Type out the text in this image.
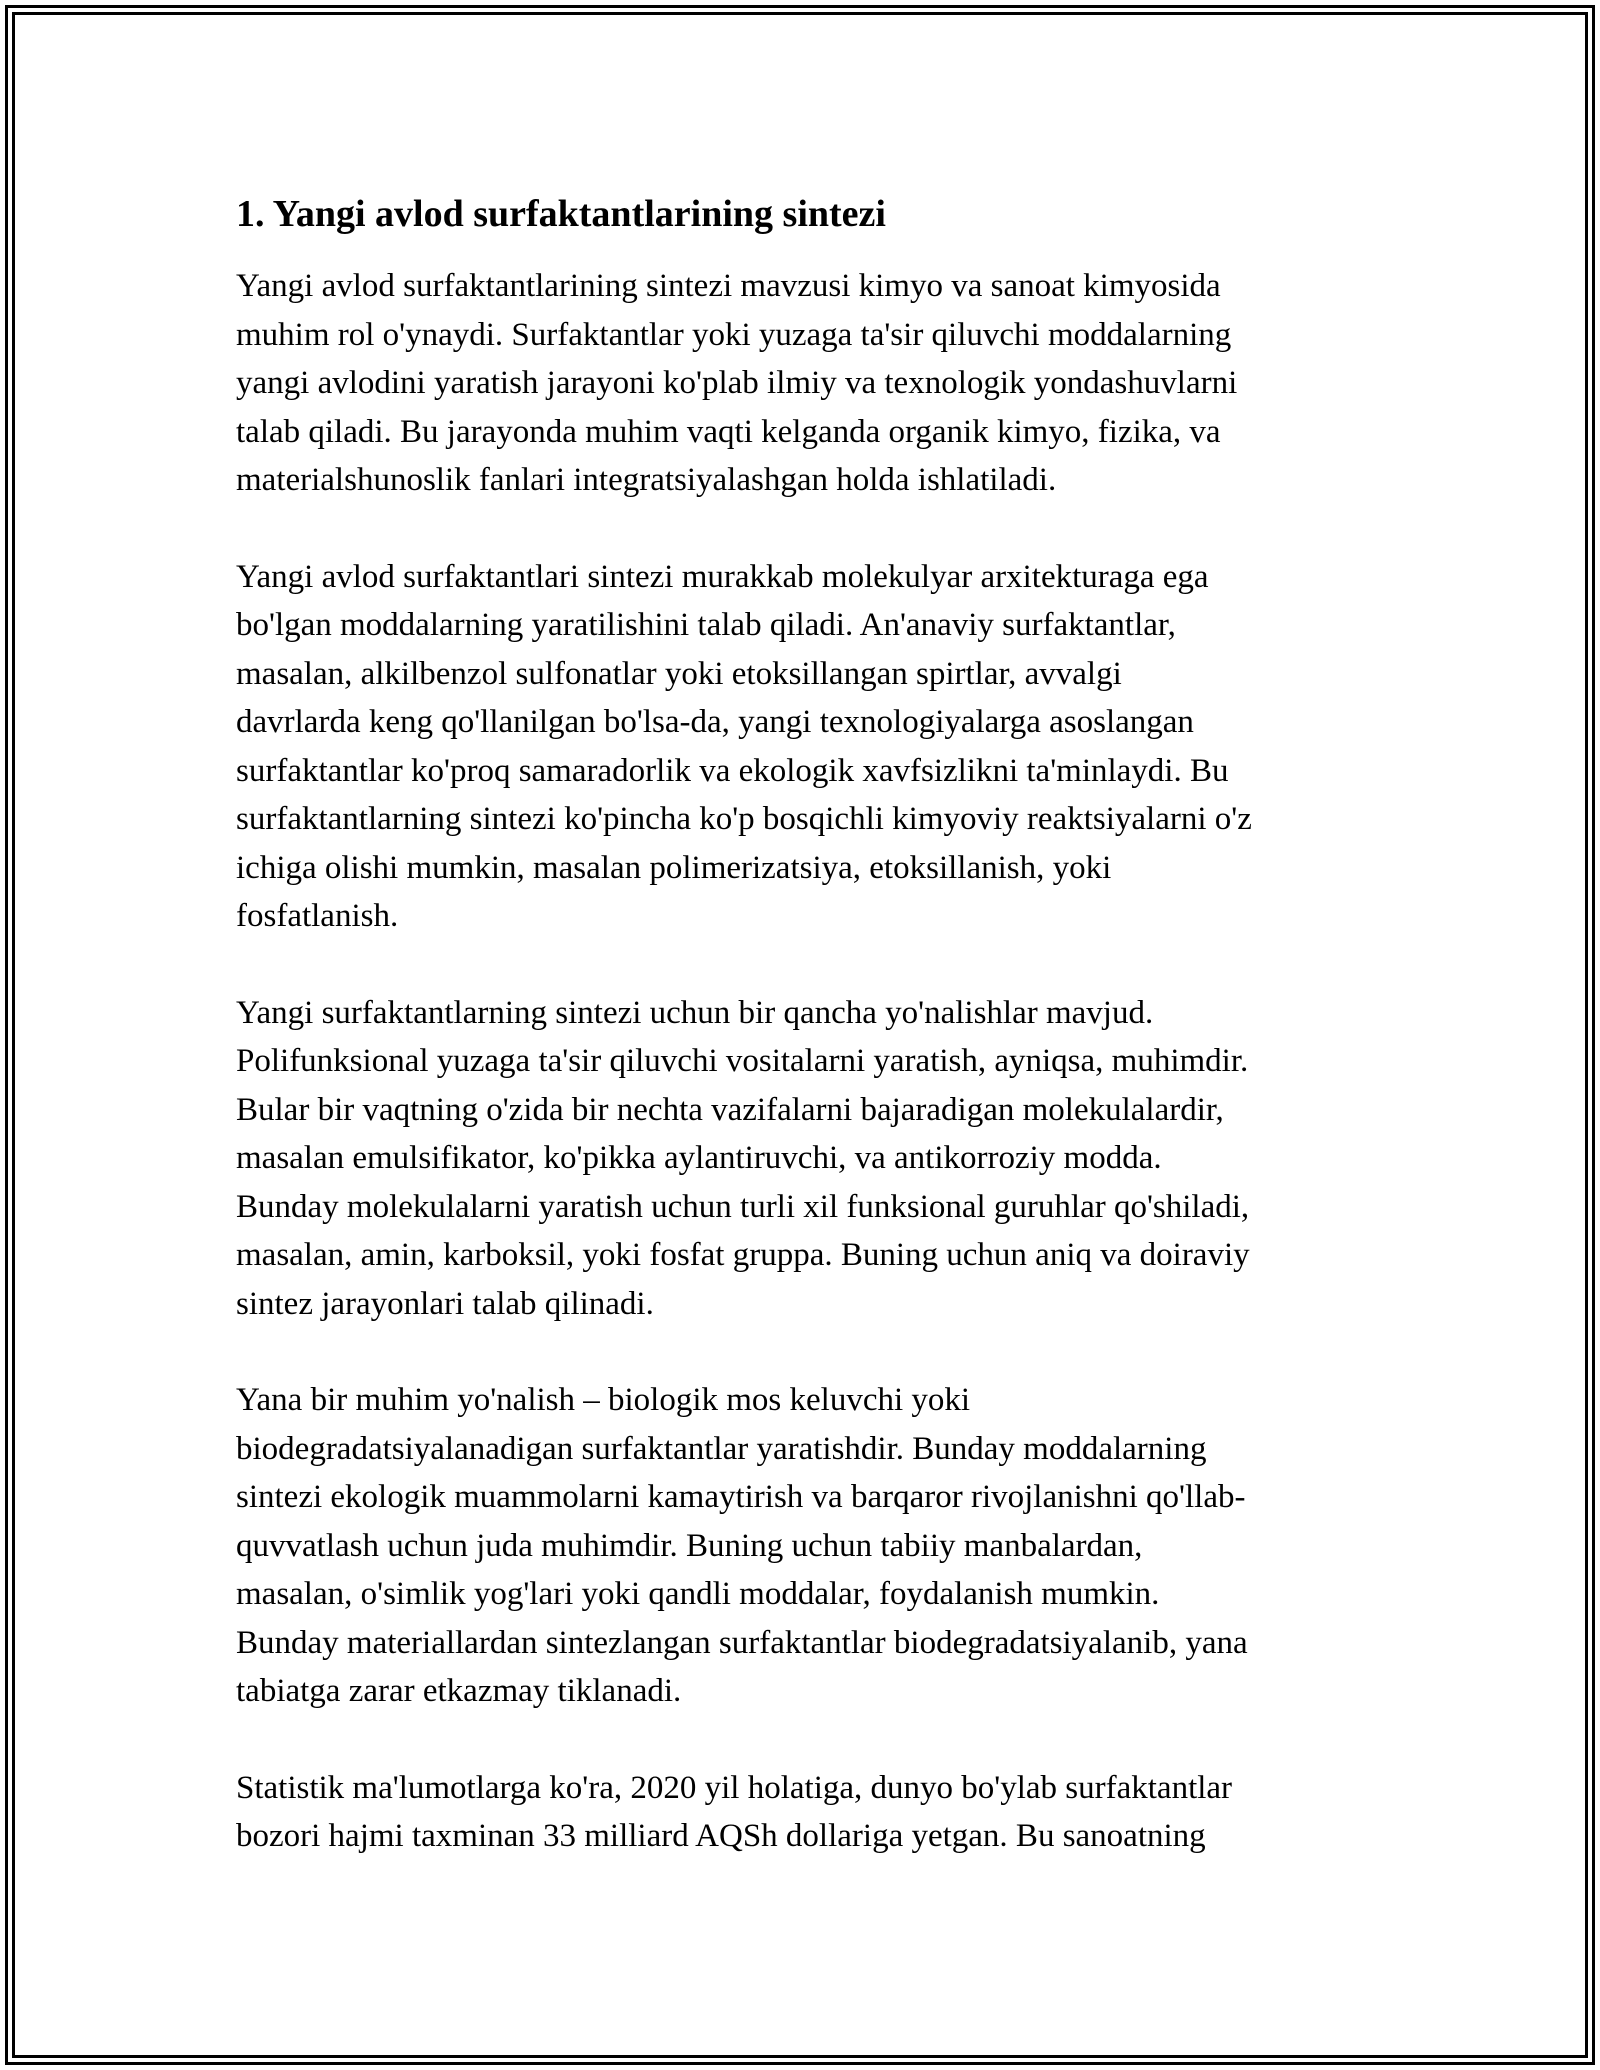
1. Yangi avlod surfaktantlarining sintezi

Yangi avlod surfaktantlarining sintezi mavzusi kimyo va sanoat kimyosida
muhim rol o'ynaydi. Surfaktantlar yoki yuzaga ta'sir qiluvchi moddalarning
yangi avlodini yaratish jarayoni ko'plab ilmiy va texnologik yondashuvlarni
talab qiladi. Bu jarayonda muhim vaqti kelganda organik kimyo, fizika, va
materialshunoslik fanlari integratsiyalashgan holda ishlatiladi.

Yangi avlod surfaktantlari sintezi murakkab molekulyar arxitekturaga ega
bo'lgan moddalarning yaratilishini talab qiladi. An'anaviy surfaktantlar,
masalan, alkilbenzol sulfonatlar yoki etoksillangan spirtlar, avvalgi
davrlarda keng qo'llanilgan bo'lsa-da, yangi texnologiyalarga asoslangan
surfaktantlar ko'proq samaradorlik va ekologik xavfsizlikni ta'minlaydi. Bu
surfaktantlarning sintezi ko'pincha ko'p bosqichli kimyoviy reaktsiyalarni o'z
ichiga olishi mumkin, masalan polimerizatsiya, etoksillanish, yoki
fosfatlanish.

Yangi surfaktantlarning sintezi uchun bir qancha yo'nalishlar mavjud.
Polifunksional yuzaga ta'sir qiluvchi vositalarni yaratish, ayniqsa, muhimdir.
Bular bir vaqtning o'zida bir nechta vazifalarni bajaradigan molekulalardir,
masalan emulsifikator, ko'pikka aylantiruvchi, va antikorroziy modda.
Bunday molekulalarni yaratish uchun turli xil funksional guruhlar qo'shiladi,
masalan, amin, karboksil, yoki fosfat gruppa. Buning uchun aniq va doiraviy
sintez jarayonlari talab qilinadi.

Yana bir muhim yo'nalish – biologik mos keluvchi yoki
biodegradatsiyalanadigan surfaktantlar yaratishdir. Bunday moddalarning
sintezi ekologik muammolarni kamaytirish va barqaror rivojlanishni qo'llab-
quvvatlash uchun juda muhimdir. Buning uchun tabiiy manbalardan,
masalan, o'simlik yog'lari yoki qandli moddalar, foydalanish mumkin.
Bunday materiallardan sintezlangan surfaktantlar biodegradatsiyalanib, yana
tabiatga zarar etkazmay tiklanadi.

Statistik ma'lumotlarga ko'ra, 2020 yil holatiga, dunyo bo'ylab surfaktantlar
bozori hajmi taxminan 33 milliard AQSh dollariga yetgan. Bu sanoatning
